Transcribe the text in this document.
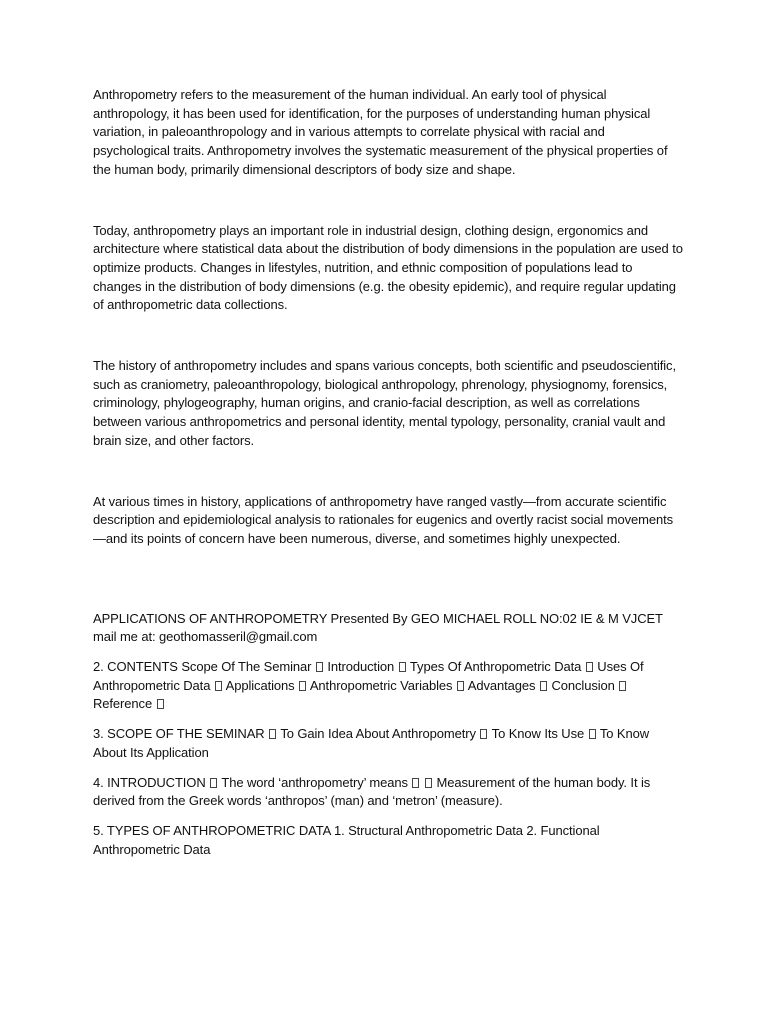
Anthropometry refers to the measurement of the human individual. An early tool of physical anthropology, it has been used for identification, for the purposes of understanding human physical variation, in paleoanthropology and in various attempts to correlate physical with racial and psychological traits. Anthropometry involves the systematic measurement of the physical properties of the human body, primarily dimensional descriptors of body size and shape.

Today, anthropometry plays an important role in industrial design, clothing design, ergonomics and architecture where statistical data about the distribution of body dimensions in the population are used to optimize products. Changes in lifestyles, nutrition, and ethnic composition of populations lead to changes in the distribution of body dimensions (e.g. the obesity epidemic), and require regular updating of anthropometric data collections.

The history of anthropometry includes and spans various concepts, both scientific and pseudoscientific, such as craniometry, paleoanthropology, biological anthropology, phrenology, physiognomy, forensics, criminology, phylogeography, human origins, and cranio-facial description, as well as correlations between various anthropometrics and personal identity, mental typology, personality, cranial vault and brain size, and other factors.

At various times in history, applications of anthropometry have ranged vastly—from accurate scientific description and epidemiological analysis to rationales for eugenics and overtly racist social movements—and its points of concern have been numerous, diverse, and sometimes highly unexpected.

APPLICATIONS OF ANTHROPOMETRY Presented By GEO MICHAEL ROLL NO:02 IE & M VJCET mail me at: geothomasseril@gmail.com

2. CONTENTS Scope Of The Seminar  Introduction  Types Of Anthropometric Data  Uses Of Anthropometric Data  Applications  Anthropometric Variables  Advantages  Conclusion  Reference

3. SCOPE OF THE SEMINAR  To Gain Idea About Anthropometry  To Know Its Use  To Know About Its Application

4. INTRODUCTION  The word ‘anthropometry’ means   Measurement of the human body. It is derived from the Greek words ‘anthropos’ (man) and ‘metron’ (measure).

5. TYPES OF ANTHROPOMETRIC DATA 1. Structural Anthropometric Data 2. Functional Anthropometric Data
